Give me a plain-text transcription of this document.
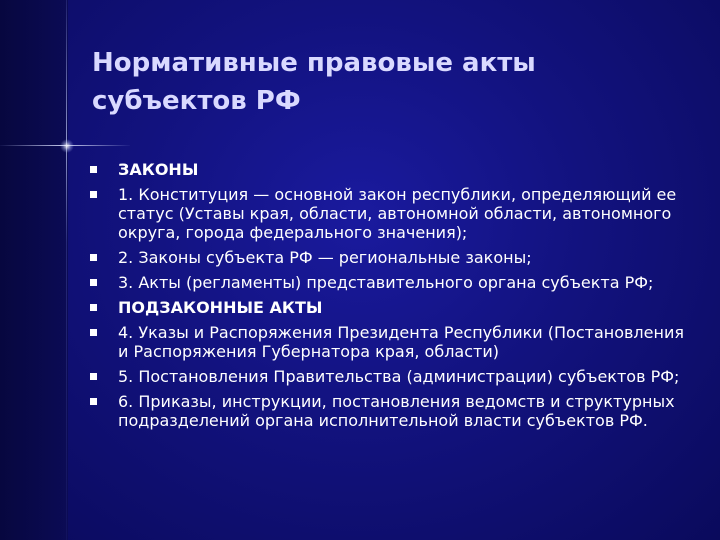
Нормативные правовые акты
субъектов РФ
ЗАКОНЫ
1. Конституция — основной закон республики, определяющий ее статус (Уставы края, области, автономной области, автономного округа, города федерального значения);
2. Законы субъекта РФ — региональные законы;
3. Акты (регламенты) представительного органа субъекта РФ;
ПОДЗАКОННЫЕ АКТЫ
4. Указы и Распоряжения Президента Республики (Постановления и Распоряжения Губернатора края, области)
5. Постановления Правительства (администрации) субъектов РФ;
6. Приказы, инструкции, постановления ведомств и структурных подразделений органа исполнительной власти субъектов РФ.
